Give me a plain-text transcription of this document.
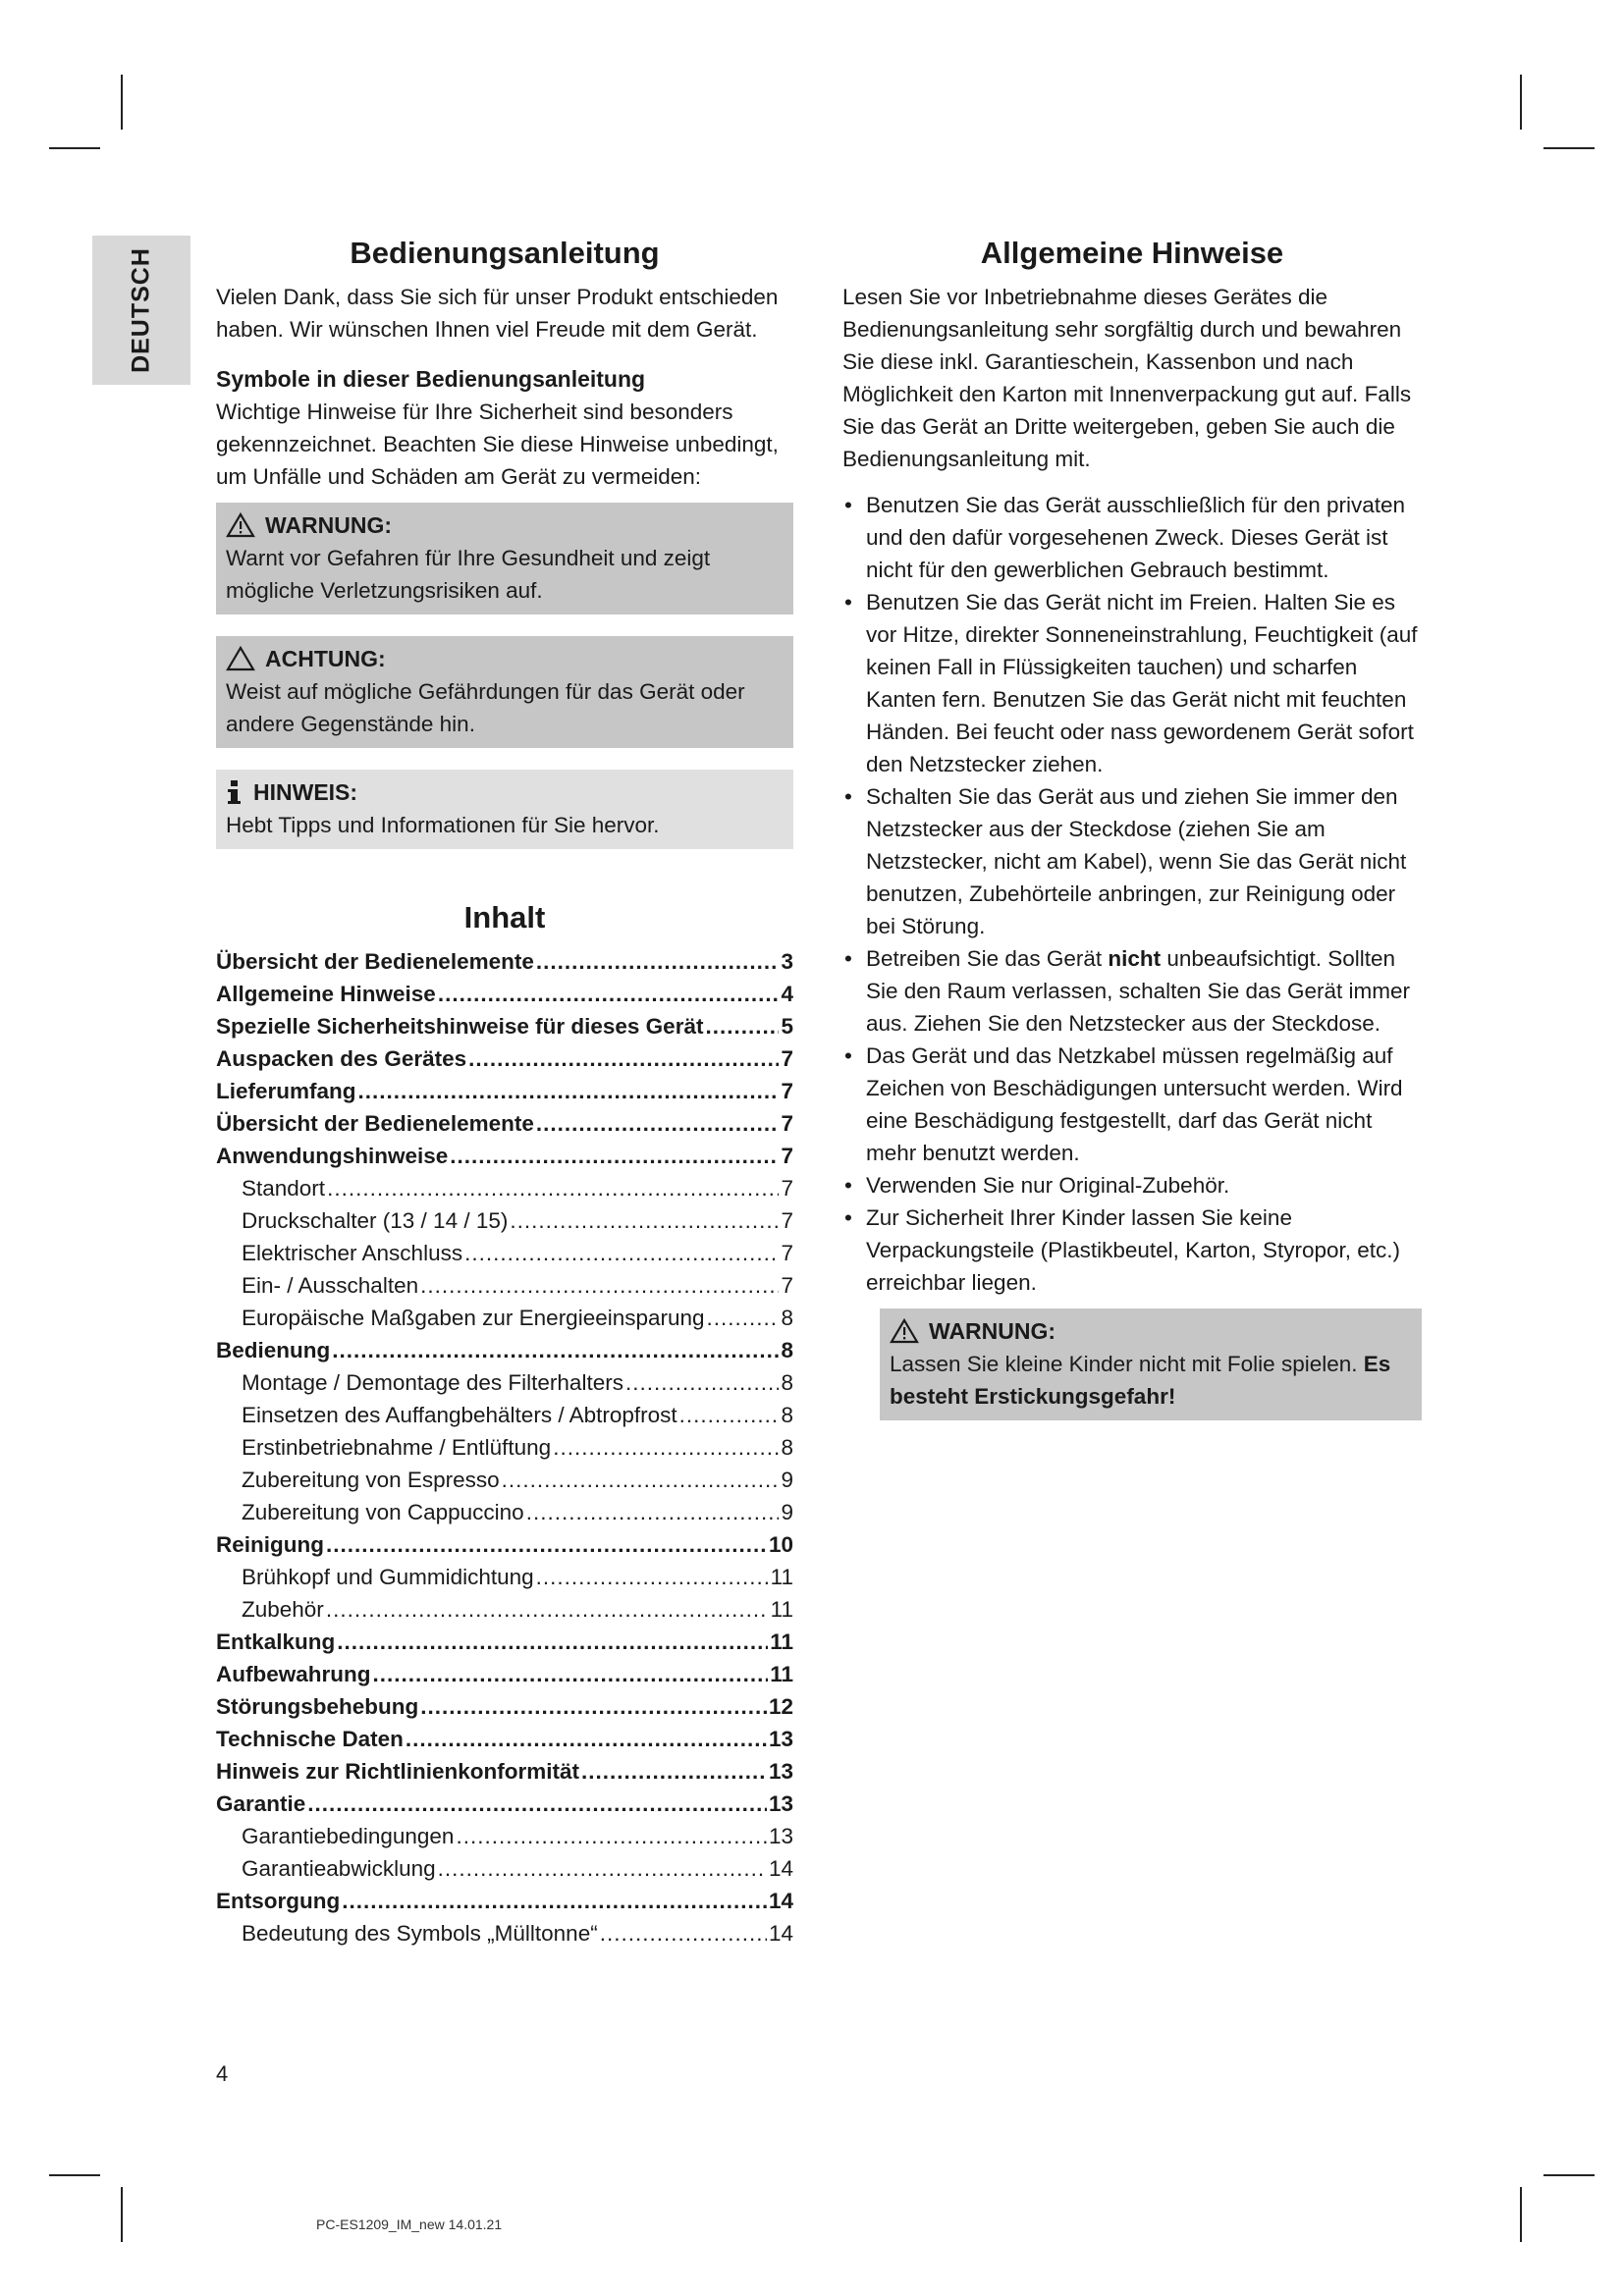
DEUTSCH	Bedienungsanleitung

Vielen Dank, dass Sie sich für unser Produkt entschieden haben. Wir wünschen Ihnen viel Freude mit dem Gerät.

Symbole in dieser Bedienungsanleitung

Wichtige Hinweise für Ihre Sicherheit sind besonders gekennzeichnet. Beachten Sie diese Hinweise unbedingt, um Unfälle und Schäden am Gerät zu vermeiden:

WARNUNG:

Warnt vor Gefahren für Ihre Gesundheit und zeigt mögliche Verletzungsrisiken auf.

ACHTUNG:

Weist auf mögliche Gefährdungen für das Gerät oder andere Gegenstände hin.

HINWEIS:

Hebt Tipps und Informationen für Sie hervor.

Inhalt
Übersicht der Bedienelemente .....	3
Allgemeine Hinweise .....	4
Spezielle Sicherheitshinweise für dieses Gerät .....	5
Auspacken des Gerätes .....	7
Lieferumfang .....	7
Übersicht der Bedienelemente .....	7
Anwendungshinweise .....	7
Standort .....	7
Druckschalter (13 / 14 / 15) .....	7
Elektrischer Anschluss .....	7
Ein- / Ausschalten .....	7
Europäische Maßgaben zur Energieeinsparung .....	8
Bedienung .....	8
Montage / Demontage des Filterhalters .....	8
Einsetzen des Auffangbehälters / Abtropfrost .....	8
Erstinbetriebnahme / Entlüftung .....	8
Zubereitung von Espresso .....	9
Zubereitung von Cappuccino .....	9
Reinigung .....	10
Brühkopf und Gummidichtung .....	11
Zubehör .....	11
Entkalkung .....	11
Aufbewahrung .....	11
Störungsbehebung .....	12
Technische Daten .....	13
Hinweis zur Richtlinienkonformität .....	13
Garantie .....	13
Garantiebedingungen .....	13
Garantieabwicklung .....	14
Entsorgung .....	14
Bedeutung des Symbols „Mülltonne“ .....	14
Allgemeine Hinweise

Lesen Sie vor Inbetriebnahme dieses Gerätes die Bedienungsanleitung sehr sorgfältig durch und bewahren Sie diese inkl. Garantieschein, Kassenbon und nach Möglichkeit den Karton mit Innenverpackung gut auf. Falls Sie das Gerät an Dritte weitergeben, geben Sie auch die Bedienungsanleitung mit.

• Benutzen Sie das Gerät ausschließlich für den privaten und den dafür vorgesehenen Zweck. Dieses Gerät ist nicht für den gewerblichen Gebrauch bestimmt.
• Benutzen Sie das Gerät nicht im Freien. Halten Sie es vor Hitze, direkter Sonneneinstrahlung, Feuchtigkeit (auf keinen Fall in Flüssigkeiten tauchen) und scharfen Kanten fern. Benutzen Sie das Gerät nicht mit feuchten Händen. Bei feucht oder nass gewordenem Gerät sofort den Netzstecker ziehen.
• Schalten Sie das Gerät aus und ziehen Sie immer den Netzstecker aus der Steckdose (ziehen Sie am Netzstecker, nicht am Kabel), wenn Sie das Gerät nicht benutzen, Zubehörteile anbringen, zur Reinigung oder bei Störung.
• Betreiben Sie das Gerät nicht unbeaufsichtigt. Sollten Sie den Raum verlassen, schalten Sie das Gerät immer aus. Ziehen Sie den Netzstecker aus der Steckdose.
• Das Gerät und das Netzkabel müssen regelmäßig auf Zeichen von Beschädigungen untersucht werden. Wird eine Beschädigung festgestellt, darf das Gerät nicht mehr benutzt werden.
• Verwenden Sie nur Original-Zubehör.
• Zur Sicherheit Ihrer Kinder lassen Sie keine Verpackungsteile (Plastikbeutel, Karton, Styropor, etc.) erreichbar liegen.
WARNUNG:

Lassen Sie kleine Kinder nicht mit Folie spielen. Es besteht Erstickungsgefahr!

4
PC-ES1209_IM_new 14.01.21
